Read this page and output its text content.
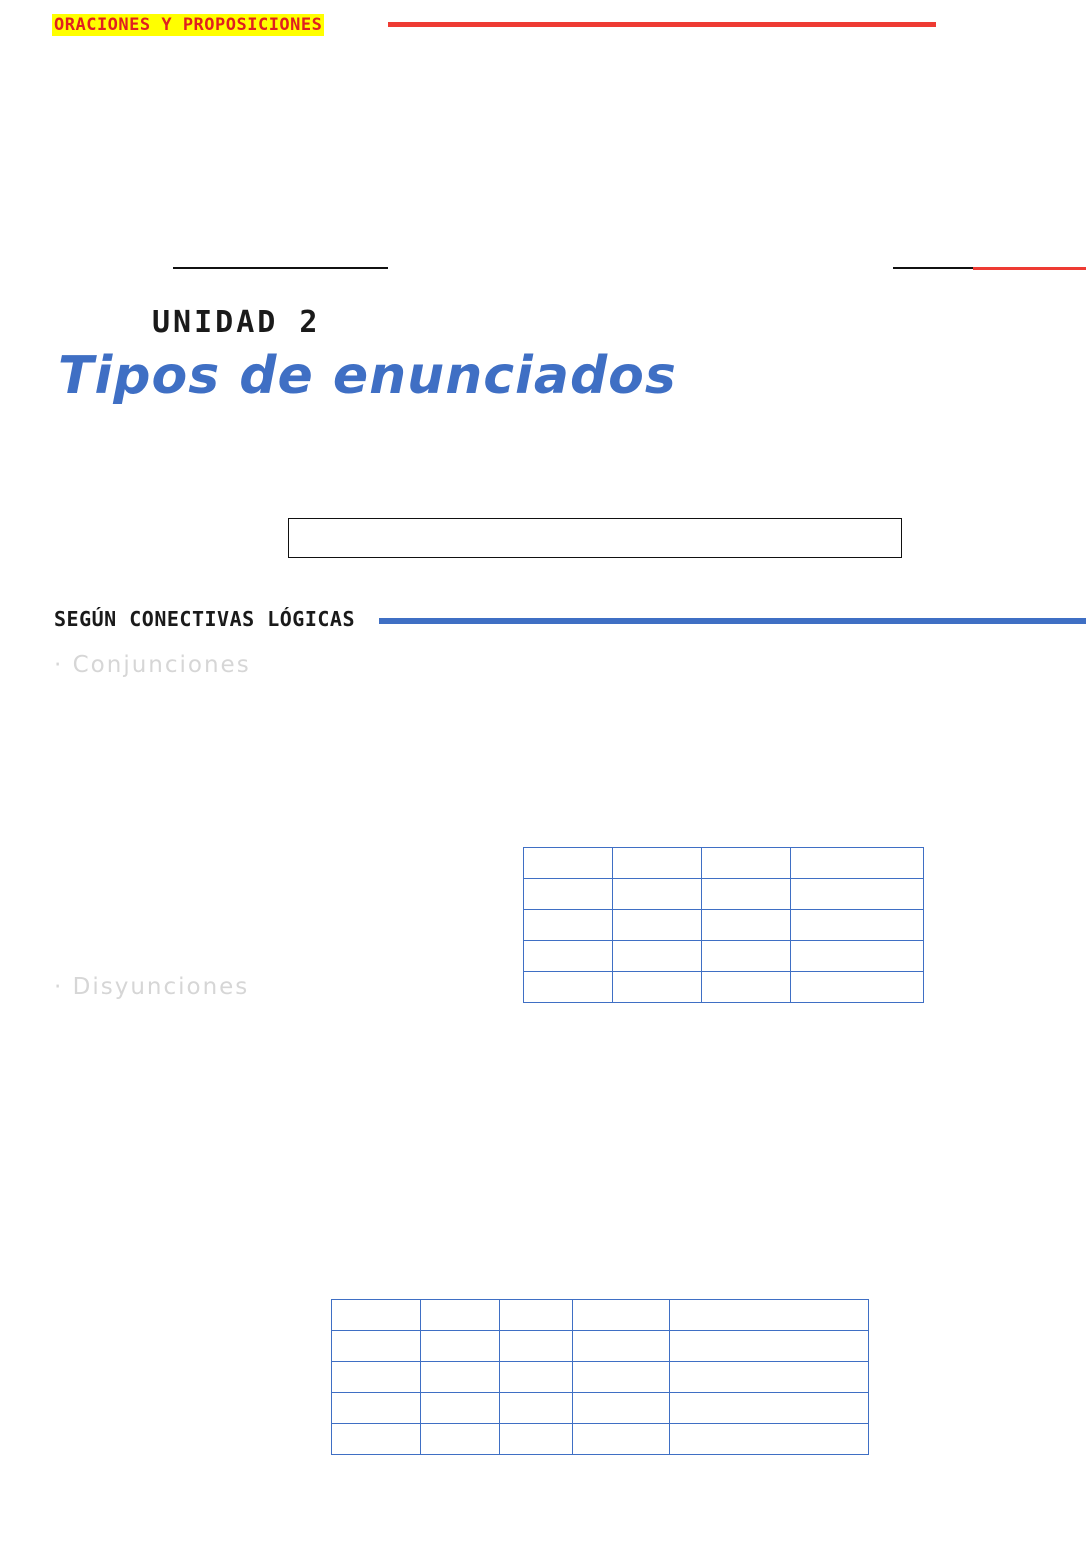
ORACIONES Y PROPOSICIONES
UNIDAD 2
Tipos de enunciados
SEGÚN CONECTIVAS LÓGICAS
· Conjunciones
· Disyunciones
